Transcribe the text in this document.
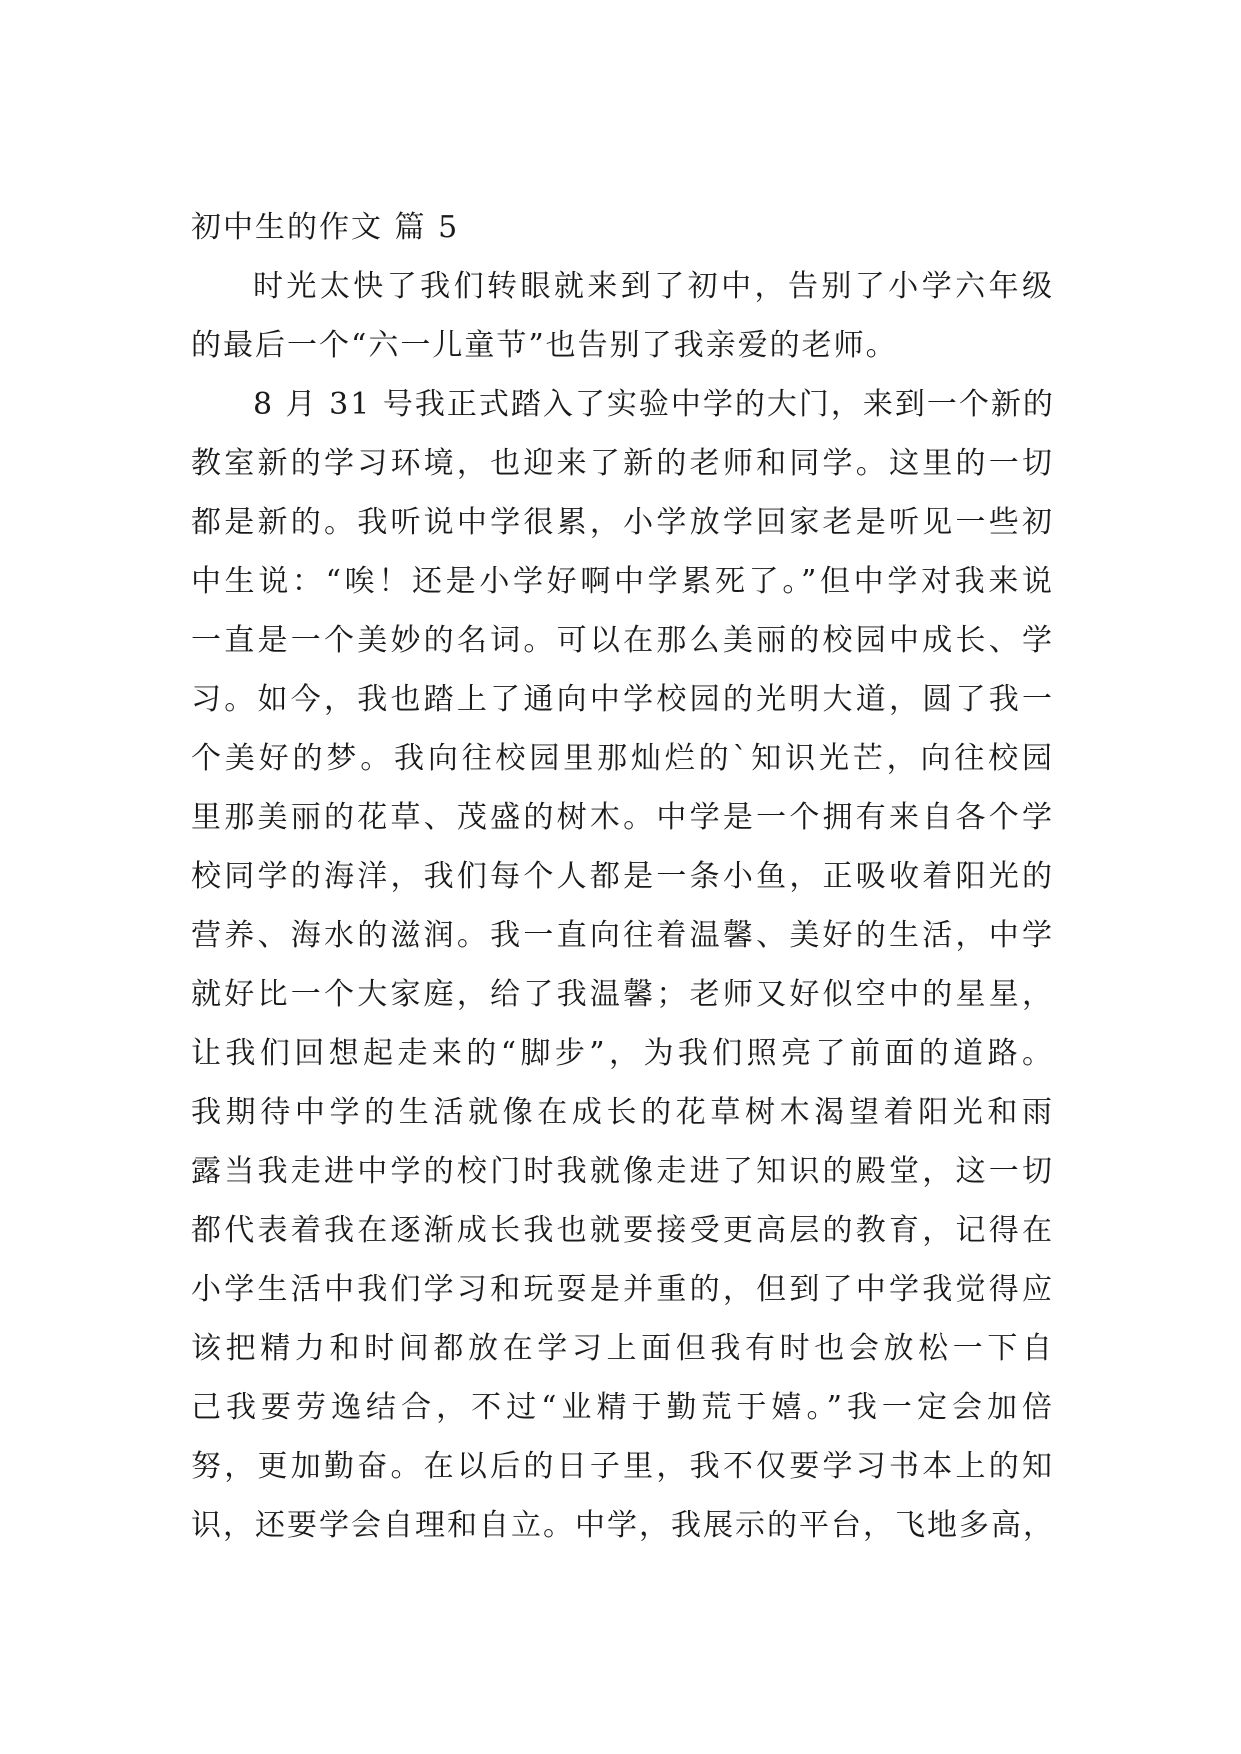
初中生的作文 篇 5

时光太快了我们转眼就来到了初中，告别了小学六年级
的最后一个“六一儿童节”也告别了我亲爱的老师。

8 月 31 号我正式踏入了实验中学的大门，来到一个新的
教室新的学习环境，也迎来了新的老师和同学。这里的一切
都是新的。我听说中学很累，小学放学回家老是听见一些初
中生说：“唉！还是小学好啊中学累死了。”但中学对我来说
一直是一个美妙的名词。可以在那么美丽的校园中成长、学
习。如今，我也踏上了通向中学校园的光明大道，圆了我一
个美好的梦。我向往校园里那灿烂的`知识光芒，向往校园
里那美丽的花草、茂盛的树木。中学是一个拥有来自各个学
校同学的海洋，我们每个人都是一条小鱼，正吸收着阳光的
营养、海水的滋润。我一直向往着温馨、美好的生活，中学
就好比一个大家庭，给了我温馨；老师又好似空中的星星，
让我们回想起走来的“脚步”，为我们照亮了前面的道路。
我期待中学的生活就像在成长的花草树木渴望着阳光和雨
露当我走进中学的校门时我就像走进了知识的殿堂，这一切
都代表着我在逐渐成长我也就要接受更高层的教育，记得在
小学生活中我们学习和玩耍是并重的，但到了中学我觉得应
该把精力和时间都放在学习上面但我有时也会放松一下自
己我要劳逸结合，不过“业精于勤荒于嬉。”我一定会加倍
努，更加勤奋。在以后的日子里，我不仅要学习书本上的知
识，还要学会自理和自立。中学，我展示的平台，飞地多高，
